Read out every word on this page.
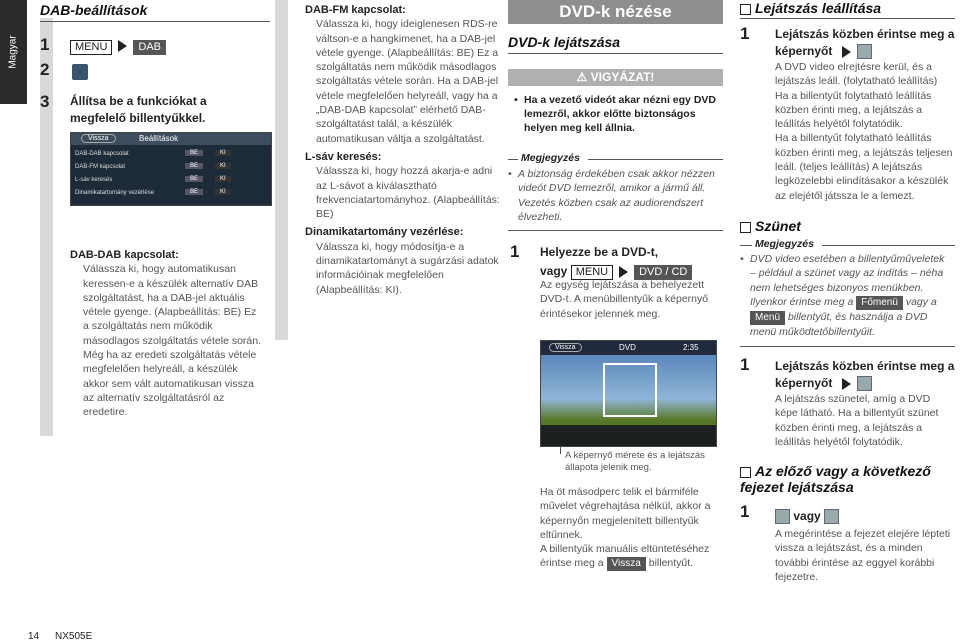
Magyar
DAB-beállítások
1	MENU	DAB
2
3 Állítsa be a funkciókat a megfelelő billentyűkkel.
Vissza	Beállítások
DAB-DAB kapcsolat	BE	KI
DAB-FM kapcsolat	BE	KI
L-sáv keresés	BE	KI
Dinamikatartomány vezérlése	BE	KI
DAB-DAB kapcsolat:
Válassza ki, hogy automatikusan keressen-e a készülék alternatív DAB szolgáltatást, ha a DAB-jel aktuális vétele gyenge. (Alapbeállítás: BE) Ez a szolgáltatás nem működik másodlagos szolgáltatás vétele során. Még ha az eredeti szolgáltatás vétele megfelelően helyreáll, a készülék akkor sem vált automatikusan vissza az alternatív szolgáltatásról az eredetire.
DAB-FM kapcsolat:
Válassza ki, hogy ideiglenesen RDS-re váltson-e a hangkimenet, ha a DAB-jel vétele gyenge. (Alapbeállítás: BE) Ez a szolgáltatás nem működik másodlagos szolgáltatás vétele során. Ha a DAB-jel vétele megfelelően helyreáll, vagy ha a „DAB-DAB kapcsolat” elérhető DAB-szolgáltatást talál, a készülék automatikusan váltja a szolgáltatást.
L-sáv keresés:
Válassza ki, hogy hozzá akarja-e adni az L-sávot a kiválasztható frekvenciatartományhoz. (Alapbeállítás: BE)
Dinamikatartomány vezérlése:
Válassza ki, hogy módosítja-e a dinamikatartományt a sugárzási adatok információinak megfelelően (Alapbeállítás: KI).
DVD-k nézése
DVD-k lejátszása
⚠ VIGYÁZAT!
• Ha a vezető videót akar nézni egy DVD lemezről, akkor előtte biztonságos helyen meg kell állnia.
Megjegyzés
• A biztonság érdekében csak akkor nézzen videót DVD lemezről, amikor a jármű áll. Vezetés közben csak az audiorendszert élvezheti.
1 Helyezze be a DVD-t,
vagy MENU	DVD / CD
Az egység lejátszása a behelyezett DVD-t. A menübillentyűk a képernyő érintésekor jelennek meg.
Vissza	DVD	2:35
A képernyő mérete és a lejátszás állapota jelenik meg.
Ha öt másodperc telik el bármiféle művelet végrehajtása nélkül, akkor a képernyőn megjelenített billentyűk eltűnnek.
A billentyűk manuális eltüntetéséhez érintse meg a Vissza billentyűt.
Lejátszás leállítása
1 Lejátszás közben érintse meg a képernyőt
A DVD video elrejtésre kerül, és a lejátszás leáll. (folytatható leállítás)
Ha a billentyűt folytatható leállítás közben érinti meg, a lejátszás a leállítás helyétől folytatódik.
Ha a billentyűt folytatható leállítás közben érinti meg, a lejátszás teljesen leáll. (teljes leállítás) A lejátszás legközelebbi elindításakor a készülék az elejétől játssza le a lemezt.
Szünet
Megjegyzés
• DVD video esetében a billentyűműveletek – például a szünet vagy az indítás – néha nem lehetséges bizonyos menükben. Ilyenkor érintse meg a Főmenü vagy a Menü billentyűt, és használja a DVD menü működtetőbillentyűit.
1 Lejátszás közben érintse meg a képernyőt
A lejátszás szünetel, amíg a DVD képe látható. Ha a billentyűt szünet közben érinti meg, a lejátszás a leállítás helyétől folytatódik.
Az előző vagy a következő fejezet lejátszása
1	vagy
A megérintése a fejezet elejére lépteti vissza a lejátszást, és a minden további érintése az eggyel korábbi fejezetre.
14 NX505E
